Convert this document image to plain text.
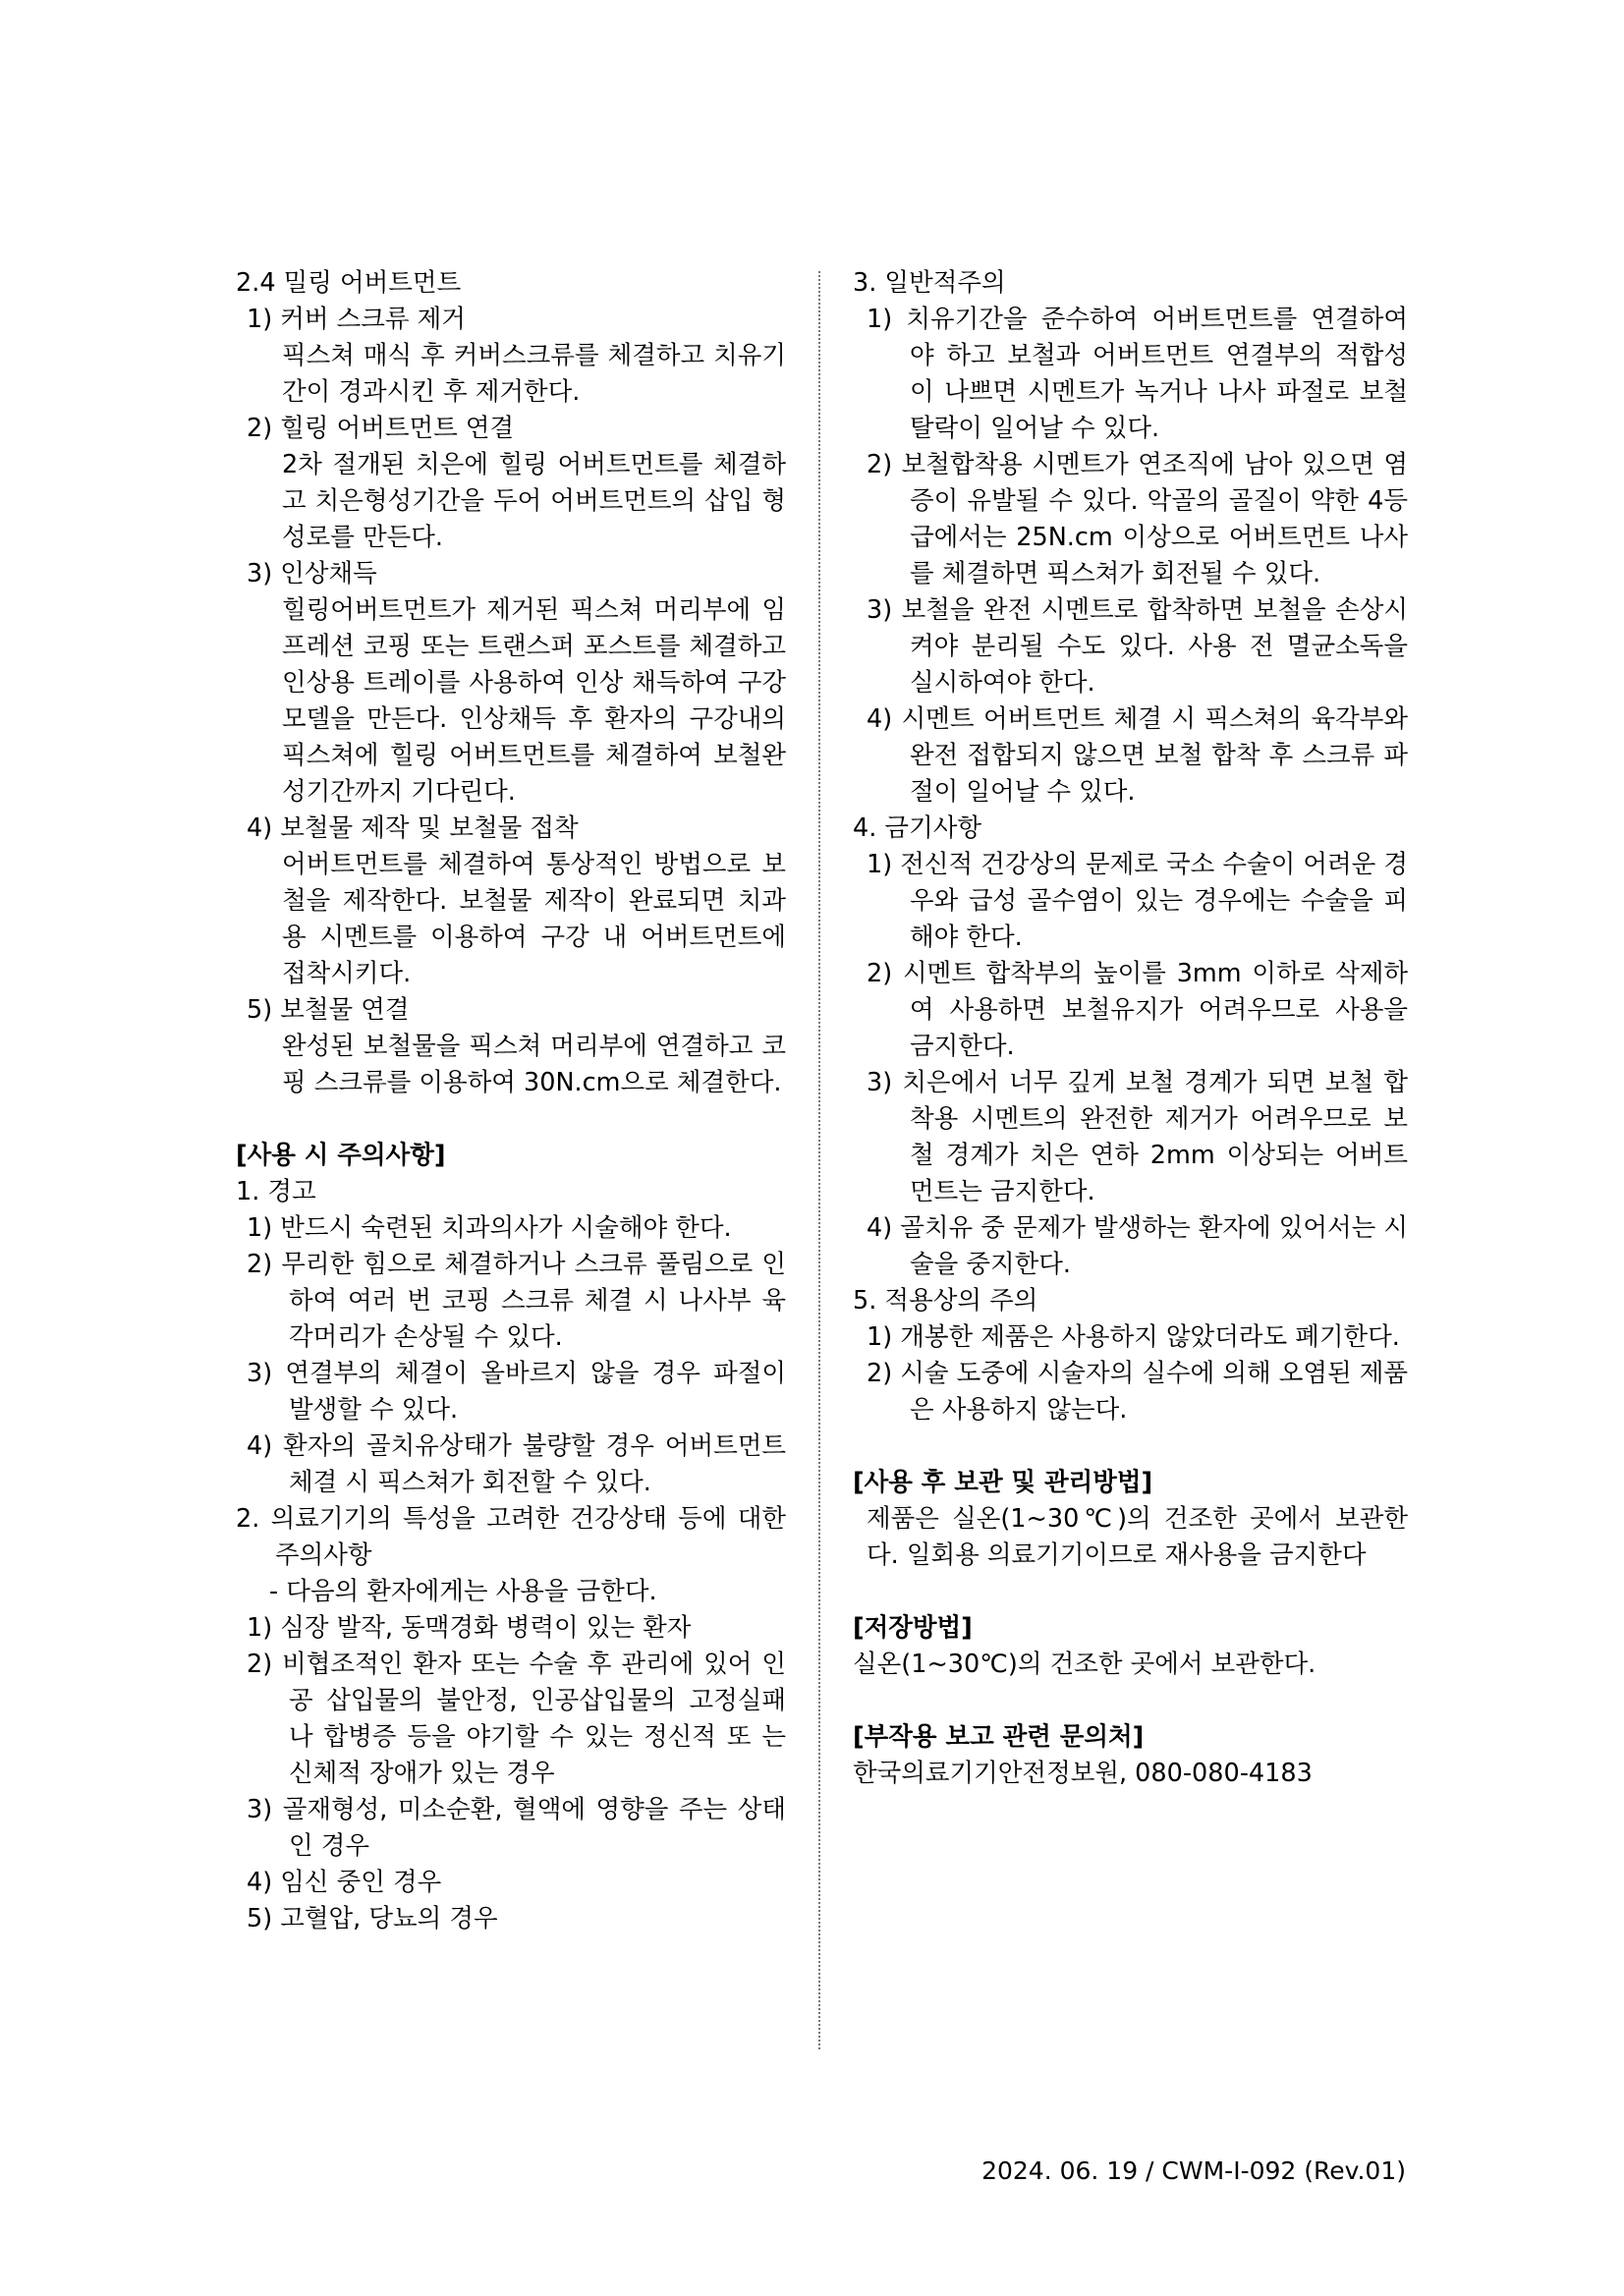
2.4 밀링 어버트먼트
1) 커버 스크류 제거
픽스쳐 매식 후 커버스크류를 체결하고 치유기간이 경과시킨 후 제거한다.
2) 힐링 어버트먼트 연결
2차 절개된 치은에 힐링 어버트먼트를 체결하고 치은형성기간을 두어 어버트먼트의 삽입 형성로를 만든다.
3) 인상채득
힐링어버트먼트가 제거된 픽스쳐 머리부에 임프레션 코핑 또는 트랜스퍼 포스트를 체결하고 인상용 트레이를 사용하여 인상 채득하여 구강모델을 만든다. 인상채득 후 환자의 구강내의 픽스쳐에 힐링 어버트먼트를 체결하여 보철완성기간까지 기다린다.
4) 보철물 제작 및 보철물 접착
어버트먼트를 체결하여 통상적인 방법으로 보철을 제작한다. 보철물 제작이 완료되면 치과용 시멘트를 이용하여 구강 내 어버트먼트에 접착시키다.
5) 보철물 연결
완성된 보철물을 픽스쳐 머리부에 연결하고 코핑 스크류를 이용하여 30N.cm으로 체결한다.
[사용 시 주의사항]
1. 경고
1) 반드시 숙련된 치과의사가 시술해야 한다.
2) 무리한 힘으로 체결하거나 스크류 풀림으로 인하여 여러 번 코핑 스크류 체결 시 나사부 육각머리가 손상될 수 있다.
3) 연결부의 체결이 올바르지 않을 경우 파절이 발생할 수 있다.
4) 환자의 골치유상태가 불량할 경우 어버트먼트 체결 시 픽스쳐가 회전할 수 있다.
2. 의료기기의 특성을 고려한 건강상태 등에 대한 주의사항
- 다음의 환자에게는 사용을 금한다.
1) 심장 발작, 동맥경화 병력이 있는 환자
2) 비협조적인 환자 또는 수술 후 관리에 있어 인공 삽입물의 불안정, 인공삽입물의 고정실패나 합병증 등을 야기할 수 있는 정신적 또 는 신체적 장애가 있는 경우
3) 골재형성, 미소순환, 혈액에 영향을 주는 상태인 경우
4) 임신 중인 경우
5) 고혈압, 당뇨의 경우
3. 일반적주의
1) 치유기간을 준수하여 어버트먼트를 연결하여야 하고 보철과 어버트먼트 연결부의 적합성이 나쁘면 시멘트가 녹거나 나사 파절로 보철탈락이 일어날 수 있다.
2) 보철합착용 시멘트가 연조직에 남아 있으면 염증이 유발될 수 있다. 악골의 골질이 약한 4등급에서는 25N.cm 이상으로 어버트먼트 나사를 체결하면 픽스쳐가 회전될 수 있다.
3) 보철을 완전 시멘트로 합착하면 보철을 손상시켜야 분리될 수도 있다. 사용 전 멸균소독을 실시하여야 한다.
4) 시멘트 어버트먼트 체결 시 픽스쳐의 육각부와 완전 접합되지 않으면 보철 합착 후 스크류 파절이 일어날 수 있다.
4. 금기사항
1) 전신적 건강상의 문제로 국소 수술이 어려운 경우와 급성 골수염이 있는 경우에는 수술을 피해야 한다.
2) 시멘트 합착부의 높이를 3mm 이하로 삭제하여 사용하면 보철유지가 어려우므로 사용을 금지한다.
3) 치은에서 너무 깊게 보철 경계가 되면 보철 합착용 시멘트의 완전한 제거가 어려우므로 보철 경계가 치은 연하 2mm 이상되는 어버트먼트는 금지한다.
4) 골치유 중 문제가 발생하는 환자에 있어서는 시술을 중지한다.
5. 적용상의 주의
1) 개봉한 제품은 사용하지 않았더라도 폐기한다.
2) 시술 도중에 시술자의 실수에 의해 오염된 제품은 사용하지 않는다.
[사용 후 보관 및 관리방법]
제품은 실온(1~30℃)의 건조한 곳에서 보관한다. 일회용 의료기기이므로 재사용을 금지한다
[저장방법]
실온(1~30℃)의 건조한 곳에서 보관한다.
[부작용 보고 관련 문의처]
한국의료기기안전정보원, 080-080-4183
2024. 06. 19 / CWM-I-092 (Rev.01)
